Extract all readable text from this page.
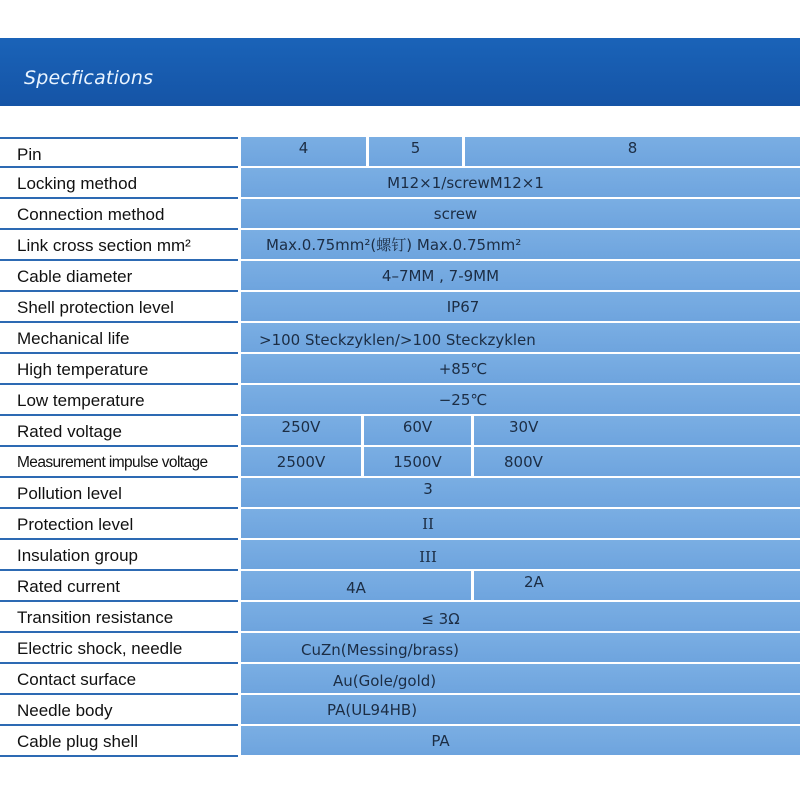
Specfications
Pin	4	5	8
Locking method	M12×1/screwM12×1
Connection method	screw
Link cross section mm²	Max.0.75mm²(螺钉) Max.0.75mm²
Cable diameter	4–7MM , 7-9MM
Shell protection level	IP67
Mechanical life	>100 Steckzyklen/>100 Steckzyklen
High temperature	+85℃
Low temperature	−25℃
Rated voltage	250V	60V	30V
Measurement impulse voltage	2500V	1500V	800V
Pollution level	3
Protection level	II
Insulation group	III
Rated current	4A	2A
Transition resistance	≤ 3Ω
Electric shock, needle	CuZn(Messing/brass)
Contact surface	Au(Gole/gold)
Needle body	PA(UL94HB)
Cable plug shell	PA
